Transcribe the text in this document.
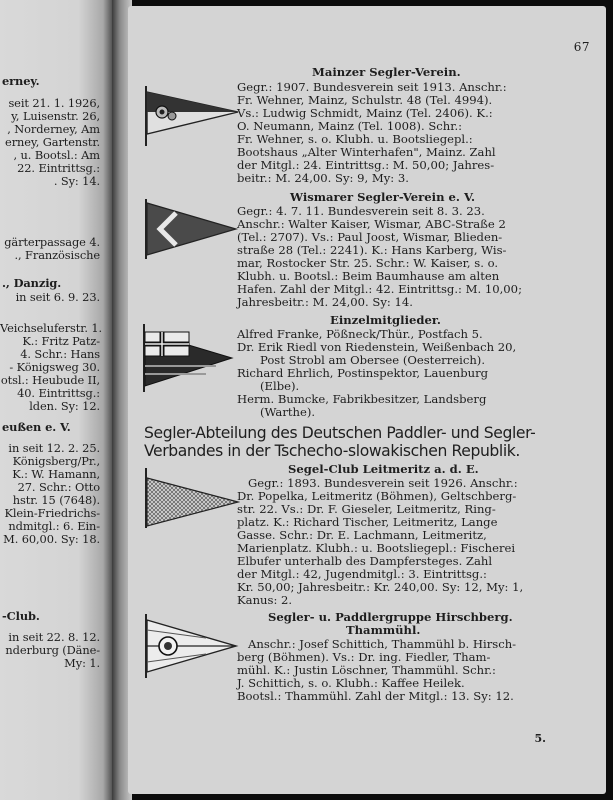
erney.
seit 21. 1. 1926,
y, Luisenstr. 26,
, Norderney, Am
erney, Gartenstr.
, u. Bootsl.: Am
22. Eintrittsg.:
. Sy: 14.
gärterpassage 4.
., Französische
., Danzig.
in seit 6. 9. 23.
Veichseluferstr. 1.
K.: Fritz Patz-
4. Schr.: Hans
- Königsweg 30.
otsl.: Heubude II,
40. Eintrittsg.:
lden. Sy: 12.
eußen e. V.
in seit 12. 2. 25.
Königsberg/Pr.,
K.: W. Hamann,
27. Schr.: Otto
hstr. 15 (7648).
Klein-Friedrichs-
ndmitgl.: 6. Ein-
M. 60,00. Sy: 18.
-Club.
in seit 22. 8. 12.
nderburg (Däne-
My: 1.
67
Mainzer Segler-Verein.
Gegr.: 1907. Bundesverein seit 1913. Anschr.:
Fr. Wehner, Mainz, Schulstr. 48 (Tel. 4994).
Vs.: Ludwig Schmidt, Mainz (Tel. 2406). K.:
O. Neumann, Mainz (Tel. 1008). Schr.:
Fr. Wehner, s. o. Klubh. u. Bootsliegepl.:
Bootshaus „Alter Winterhafen", Mainz. Zahl
der Mitgl.: 24. Eintrittsg.: M. 50,00; Jahres-
beitr.: M. 24,00. Sy: 9, My: 3.
Wismarer Segler-Verein e. V.
Gegr.: 4. 7. 11. Bundesverein seit 8. 3. 23.
Anschr.: Walter Kaiser, Wismar, ABC-Straße 2
(Tel.: 2707). Vs.: Paul Joost, Wismar, Blieden-
straße 28 (Tel.: 2241). K.: Hans Karberg, Wis-
mar, Rostocker Str. 25. Schr.: W. Kaiser, s. o.
Klubh. u. Bootsl.: Beim Baumhause am alten
Hafen. Zahl der Mitgl.: 42. Eintrittsg.: M. 10,00;
Jahresbeitr.: M. 24,00. Sy: 14.
Einzelmitglieder.
Alfred Franke, Pößneck/Thür., Postfach 5.
Dr. Erik Riedl von Riedenstein, Weißenbach 20,
Post Strobl am Obersee (Oesterreich).
Richard Ehrlich, Postinspektor, Lauenburg
(Elbe).
Herm. Bumcke, Fabrikbesitzer, Landsberg
(Warthe).
Segler-Abteilung des Deutschen Paddler- und Segler-
Verbandes in der Tschecho-slowakischen Republik.
Segel-Club Leitmeritz a. d. E.
Gegr.: 1893. Bundesverein seit 1926. Anschr.:
Dr. Popelka, Leitmeritz (Böhmen), Geltschberg-
str. 22. Vs.: Dr. F. Gieseler, Leitmeritz, Ring-
platz. K.: Richard Tischer, Leitmeritz, Lange
Gasse. Schr.: Dr. E. Lachmann, Leitmeritz,
Marienplatz. Klubh.: u. Bootsliegepl.: Fischerei
Elbufer unterhalb des Dampfersteges. Zahl
der Mitgl.: 42, Jugendmitgl.: 3. Eintrittsg.:
Kr. 50,00; Jahresbeitr.: Kr. 240,00. Sy: 12, My: 1,
Kanus: 2.
Segler- u. Paddlergruppe Hirschberg.
Thammühl.
Anschr.: Josef Schittich, Thammühl b. Hirsch-
berg (Böhmen). Vs.: Dr. ing. Fiedler, Tham-
mühl. K.: Justin Löschner, Thammühl. Schr.:
J. Schittich, s. o. Klubh.: Kaffee Heilek.
Bootsl.: Thammühl. Zahl der Mitgl.: 13. Sy: 12.
5.
